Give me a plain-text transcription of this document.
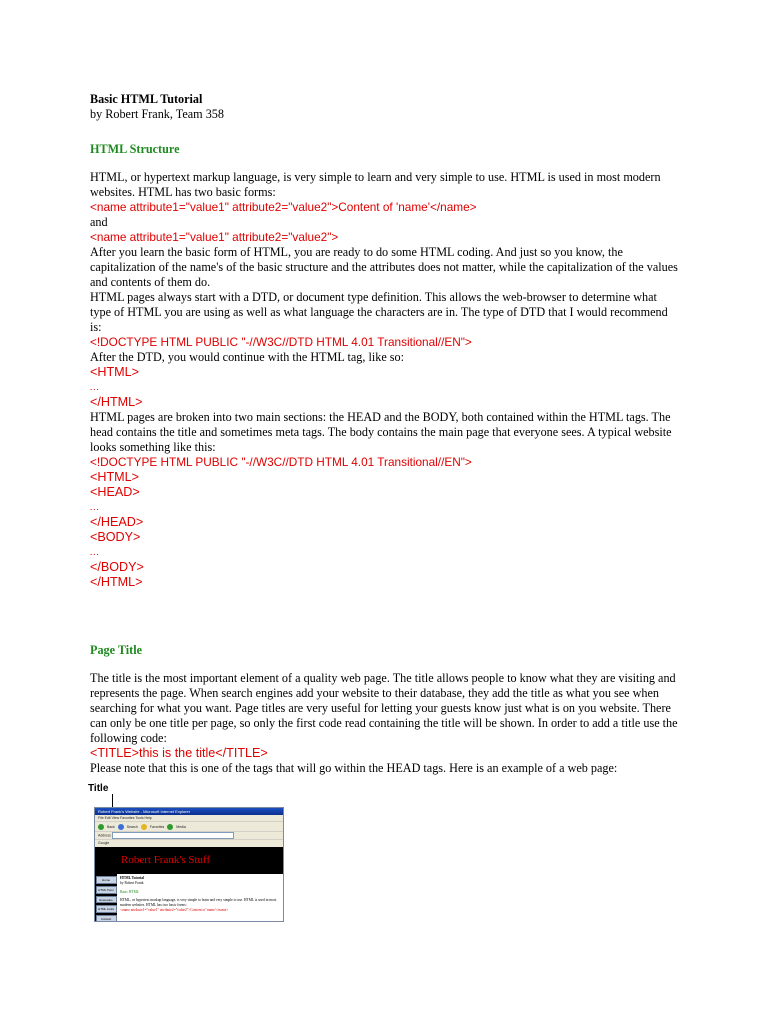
Basic HTML Tutorial

by Robert Frank, Team 358

HTML Structure

HTML, or hypertext markup language, is very simple to learn and very simple to use. HTML is used in most modern websites. HTML has two basic forms:

<name attribute1="value1" attribute2="value2">Content of 'name'</name>

and

<name attribute1="value1" attribute2="value2">

After you learn the basic form of HTML, you are ready to do some HTML coding. And just so you know, the capitalization of the name's of the basic structure and the attributes does not matter, while the capitalization of the values and contents of them do.

HTML pages always start with a DTD, or document type definition. This allows the web-browser to determine what type of HTML you are using as well as what language the characters are in. The type of DTD that I would recommend is:

<!DOCTYPE HTML PUBLIC "-//W3C//DTD HTML 4.01 Transitional//EN">

After the DTD, you would continue with the HTML tag, like so:

<HTML>

...

</HTML>

HTML pages are broken into two main sections: the HEAD and the BODY, both contained within the HTML tags. The head contains the title and sometimes meta tags. The body contains the main page that everyone sees. A typical website looks something like this:

<!DOCTYPE HTML PUBLIC "-//W3C//DTD HTML 4.01 Transitional//EN">

<HTML>

<HEAD>

...

</HEAD>

<BODY>

...

</BODY>

</HTML>

Page Title

The title is the most important element of a quality web page. The title allows people to know what they are visiting and represents the page. When search engines add your website to their database, they add the title as what you see when searching for what you want. Page titles are very useful for letting your guests know just what is on you website. There can only be one title per page, so only the first code read containing the title will be shown. In order to add a title use the following code:

<TITLE>this is the title</TITLE>

Please note that this is one of the tags that will go within the HEAD tags. Here is an example of a web page:

Title
Robert Frank's Website - Microsoft Internet Explorer
File Edit View Favorites Tools Help
Back	Search	Favorites	Media
Address
Google
Robert Frank's Stuff
Home
HTML Tutor
Examples
HTML Links
Contact
HTML Tutorial
by Robert Frank
Basic HTML
HTML, or hypertext markup language, is very simple to learn and very simple to use. HTML is used in most modern websites. HTML has two basic forms:
<name attribute1="value1" attribute2="value2">Content of 'name'</name>
